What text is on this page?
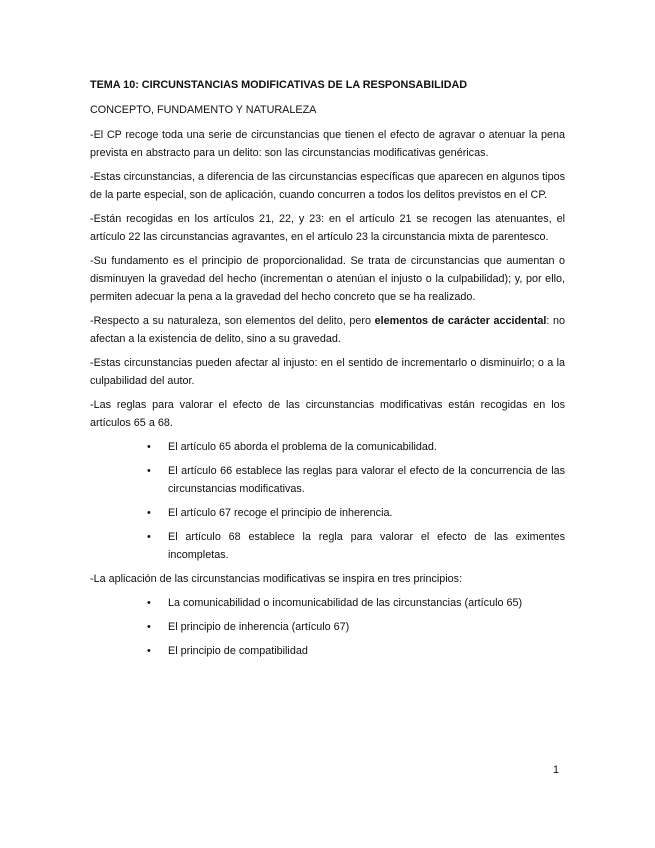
TEMA 10: CIRCUNSTANCIAS MODIFICATIVAS DE LA RESPONSABILIDAD
CONCEPTO, FUNDAMENTO Y NATURALEZA

-El CP recoge toda una serie de circunstancias que tienen el efecto de agravar o atenuar la pena prevista en abstracto para un delito: son las circunstancias modificativas genéricas.

-Estas circunstancias, a diferencia de las circunstancias específicas que aparecen en algunos tipos de la parte especial, son de aplicación, cuando concurren a todos los delitos previstos en el CP.

-Están recogidas en los artículos 21, 22, y 23: en el artículo 21 se recogen las atenuantes, el artículo 22 las circunstancias agravantes, en el artículo 23 la circunstancia mixta de parentesco.

-Su fundamento es el principio de proporcionalidad. Se trata de circunstancias que aumentan o disminuyen la gravedad del hecho (incrementan o atenúan el injusto o la culpabilidad); y, por ello, permiten adecuar la pena a la gravedad del hecho concreto que se ha realizado.

-Respecto a su naturaleza, son elementos del delito, pero elementos de carácter accidental: no afectan a la existencia de delito, sino a su gravedad.

-Estas circunstancias pueden afectar al injusto: en el sentido de incrementarlo o disminuirlo; o a la culpabilidad del autor.

-Las reglas para valorar el efecto de las circunstancias modificativas están recogidas en los artículos 65 a 68.

• El artículo 65 aborda el problema de la comunicabilidad.
• El artículo 66 establece las reglas para valorar el efecto de la concurrencia de las circunstancias modificativas.
• El artículo 67 recoge el principio de inherencia.
• El artículo 68 establece la regla para valorar el efecto de las eximentes incompletas.

-La aplicación de las circunstancias modificativas se inspira en tres principios:

• La comunicabilidad o incomunicabilidad de las circunstancias (artículo 65)
• El principio de inherencia (artículo 67)
• El principio de compatibilidad
1
